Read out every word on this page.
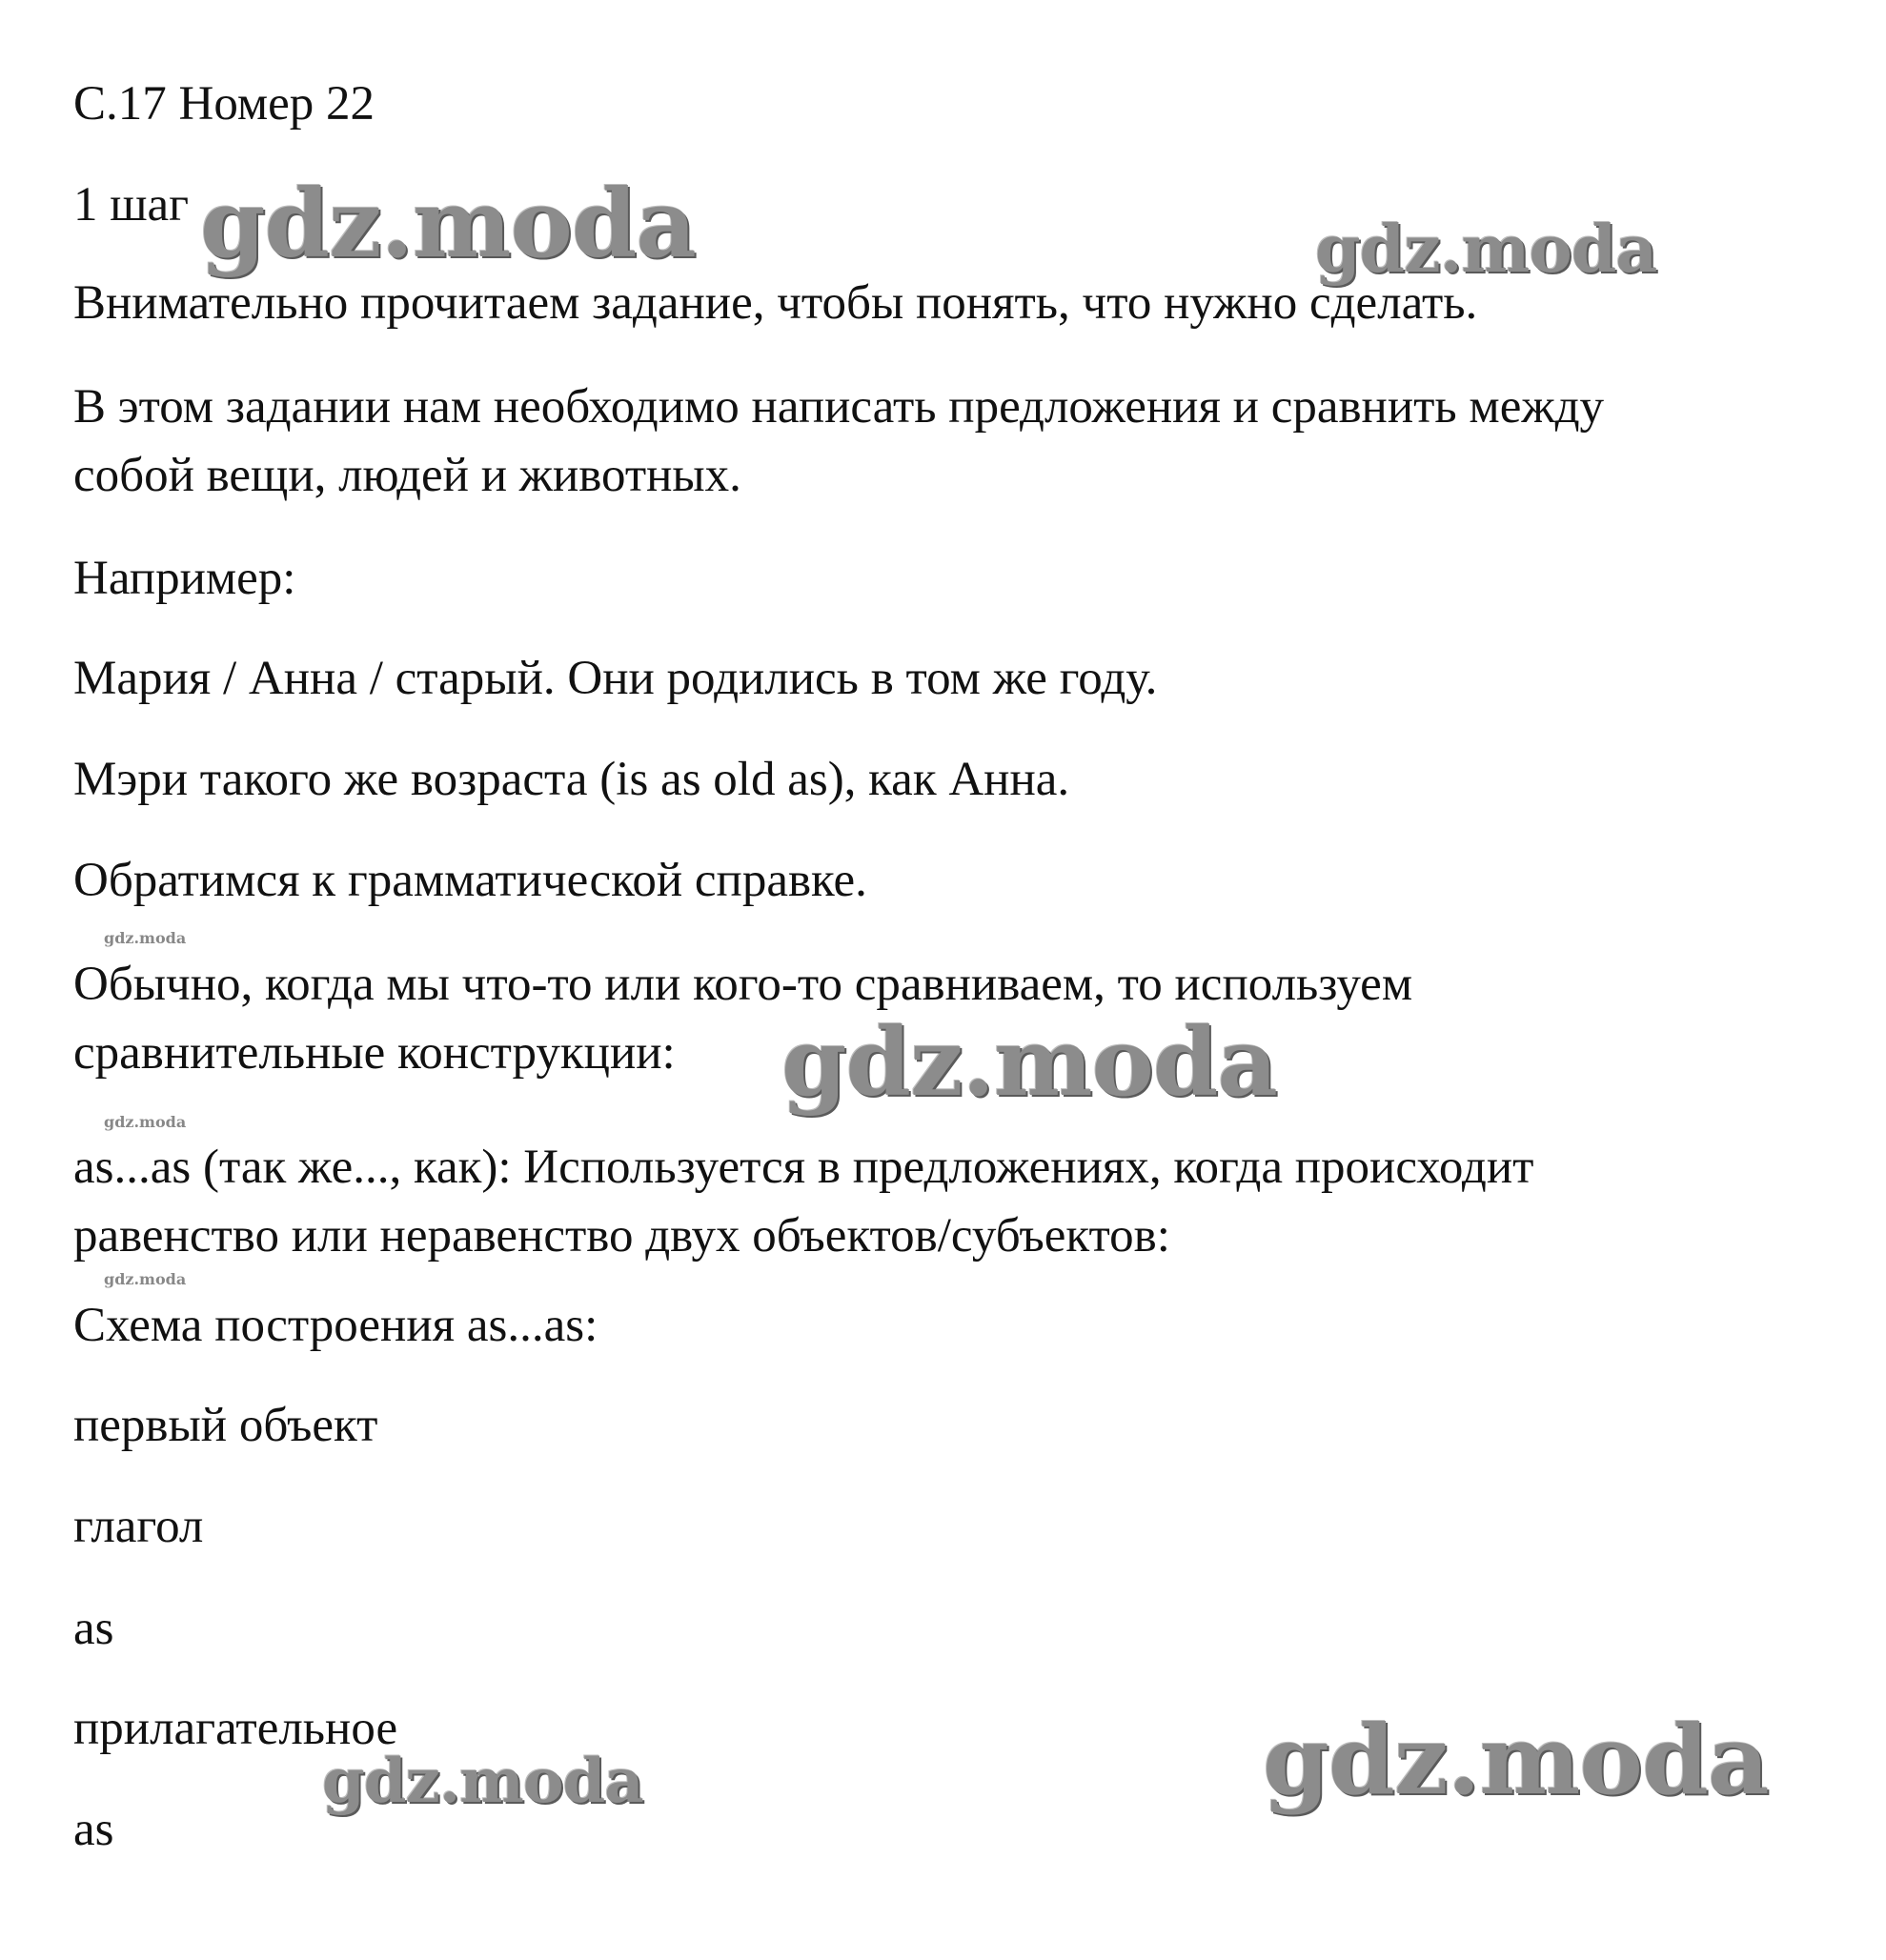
gdz.moda	gdz.moda
gdz.moda
gdz.moda	gdz.moda
gdz.moda
gdz.moda
gdz.moda
С.17 Номер 22
1 шаг
Внимательно прочитаем задание, чтобы понять, что нужно сделать.
В этом задании нам необходимо написать предложения и сравнить между
собой вещи, людей и животных.
Например:
Мария / Анна / старый. Они родились в том же году.
Мэри такого же возраста (is as old as), как Анна.
Обратимся к грамматической справке.
Обычно, когда мы что-то или кого-то сравниваем, то используем
сравнительные конструкции:
as...as (так же..., как): Используется в предложениях, когда происходит
равенство или неравенство двух объектов/субъектов:
Схема построения as...as:
первый объект
глагол
as
прилагательное
as
